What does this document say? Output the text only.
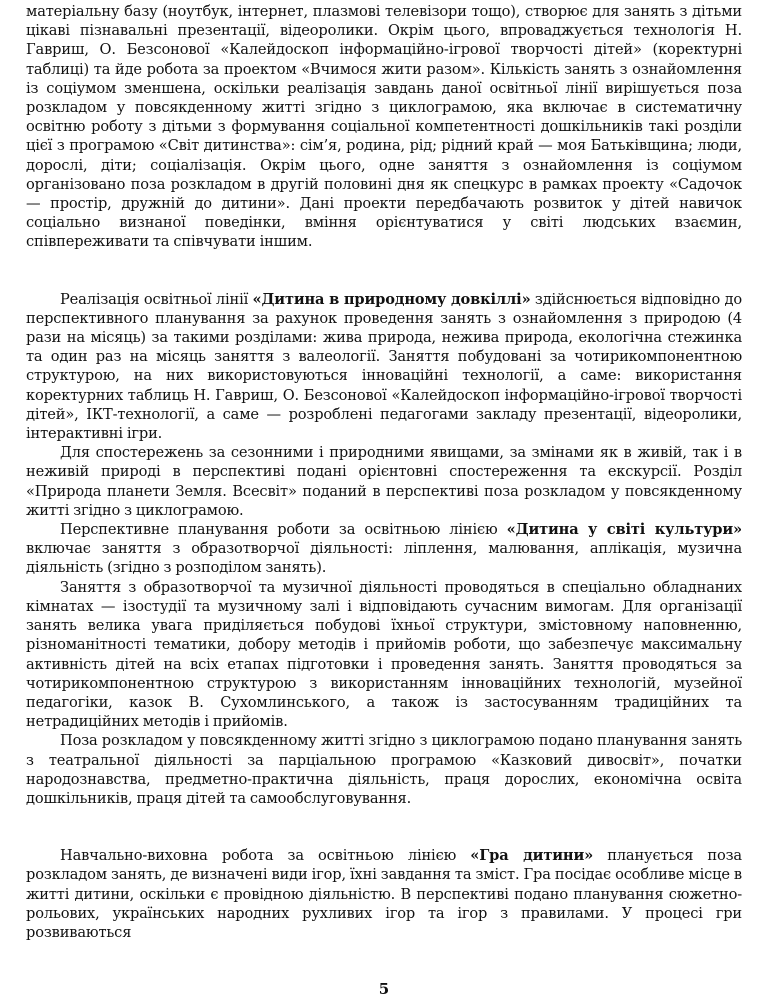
матеріальну базу (ноутбук, інтернет, плазмові телевізори тощо), створює для занять з дітьми цікаві пізнавальні презентації, відеоролики. Окрім цього, впроваджується технологія Н. Гавриш, О. Безсонової «Калейдоскоп інформаційно-ігрової творчості дітей» (коректурні таблиці) та йде робота за проектом «Вчимося жити разом». Кількість занять з ознайомлення із соціумом зменшена, оскільки реалізація завдань даної освітньої лінії вирішується поза розкладом у повсякденному житті згідно з циклограмою, яка включає в систематичну освітню роботу з дітьми з формування соціальної компетентності дошкільників такі розділи цієї з програмою «Світ дитинства»: сім’я, родина, рід; рідний край — моя Батьківщина; люди, дорослі, діти; соціалізація. Окрім цього, одне заняття з ознайомлення із соціумом організовано поза розкладом в другій половині дня як спецкурс в рамках проекту «Садочок — простір, дружній до дитини». Дані проекти передбачають розвиток у дітей навичок соціально визнаної поведінки, вміння орієнтуватися у світі людських взаємин, співпереживати та співчувати іншим.

Реалізація освітньої лінії «Дитина в природному довкіллі» здійснюється відповідно до перспективного планування за рахунок проведення занять з ознайомлення з природою (4 рази на місяць) за такими розділами: жива природа, нежива природа, екологічна стежинка та один раз на місяць заняття з валеології. Заняття побудовані за чотирикомпонентною структурою, на них використовуються інноваційні технології, а саме: використання коректурних таблиць Н. Гавриш, О. Безсонової «Калейдоскоп інформаційно-ігрової творчості дітей», ІКТ-технології, а саме — розроблені педагогами закладу презентації, відеоролики, інтерактивні ігри.

Для спостережень за сезонними і природними явищами, за змінами як в живій, так і в неживій природі в перспективі подані орієнтовні спостереження та екскурсії. Розділ «Природа планети Земля. Всесвіт» поданий в перспективі поза розкладом у повсякденному житті згідно з циклограмою.

Перспективне планування роботи за освітньою лінією «Дитина у світі культури» включає заняття з образотворчої діяльності: ліплення, малювання, аплікація, музична діяльність (згідно з розподілом занять).

Заняття з образотворчої та музичної діяльності проводяться в спеціально обладнаних кімнатах — ізостудії та музичному залі і відповідають сучасним вимогам. Для організації занять велика увага приділяється побудові їхньої структури, змістовному наповненню, різноманітності тематики, добору методів і прийомів роботи, що забезпечує максимальну активність дітей на всіх етапах підготовки і проведення занять. Заняття проводяться за чотирикомпонентною структурою з використанням інноваційних технологій, музейної педагогіки, казок В. Сухомлинського, а також із застосуванням традиційних та нетрадиційних методів і прийомів.

Поза розкладом у повсякденному житті згідно з циклограмою подано планування занять з театральної діяльності за парціальною програмою «Казковий дивосвіт», початки народознавства, предметно-практична діяльність, праця дорослих, економічна освіта дошкільників, праця дітей та самообслуговування.

Навчально-виховна робота за освітньою лінією «Гра дитини» планується поза розкладом занять, де визначені види ігор, їхні завдання та зміст. Гра посідає особливе місце в житті дитини, оскільки є провідною діяльністю. В перспективі подано планування сюжетно-рольових, українських народних рухливих ігор та ігор з правилами. У процесі гри розвиваються

5
